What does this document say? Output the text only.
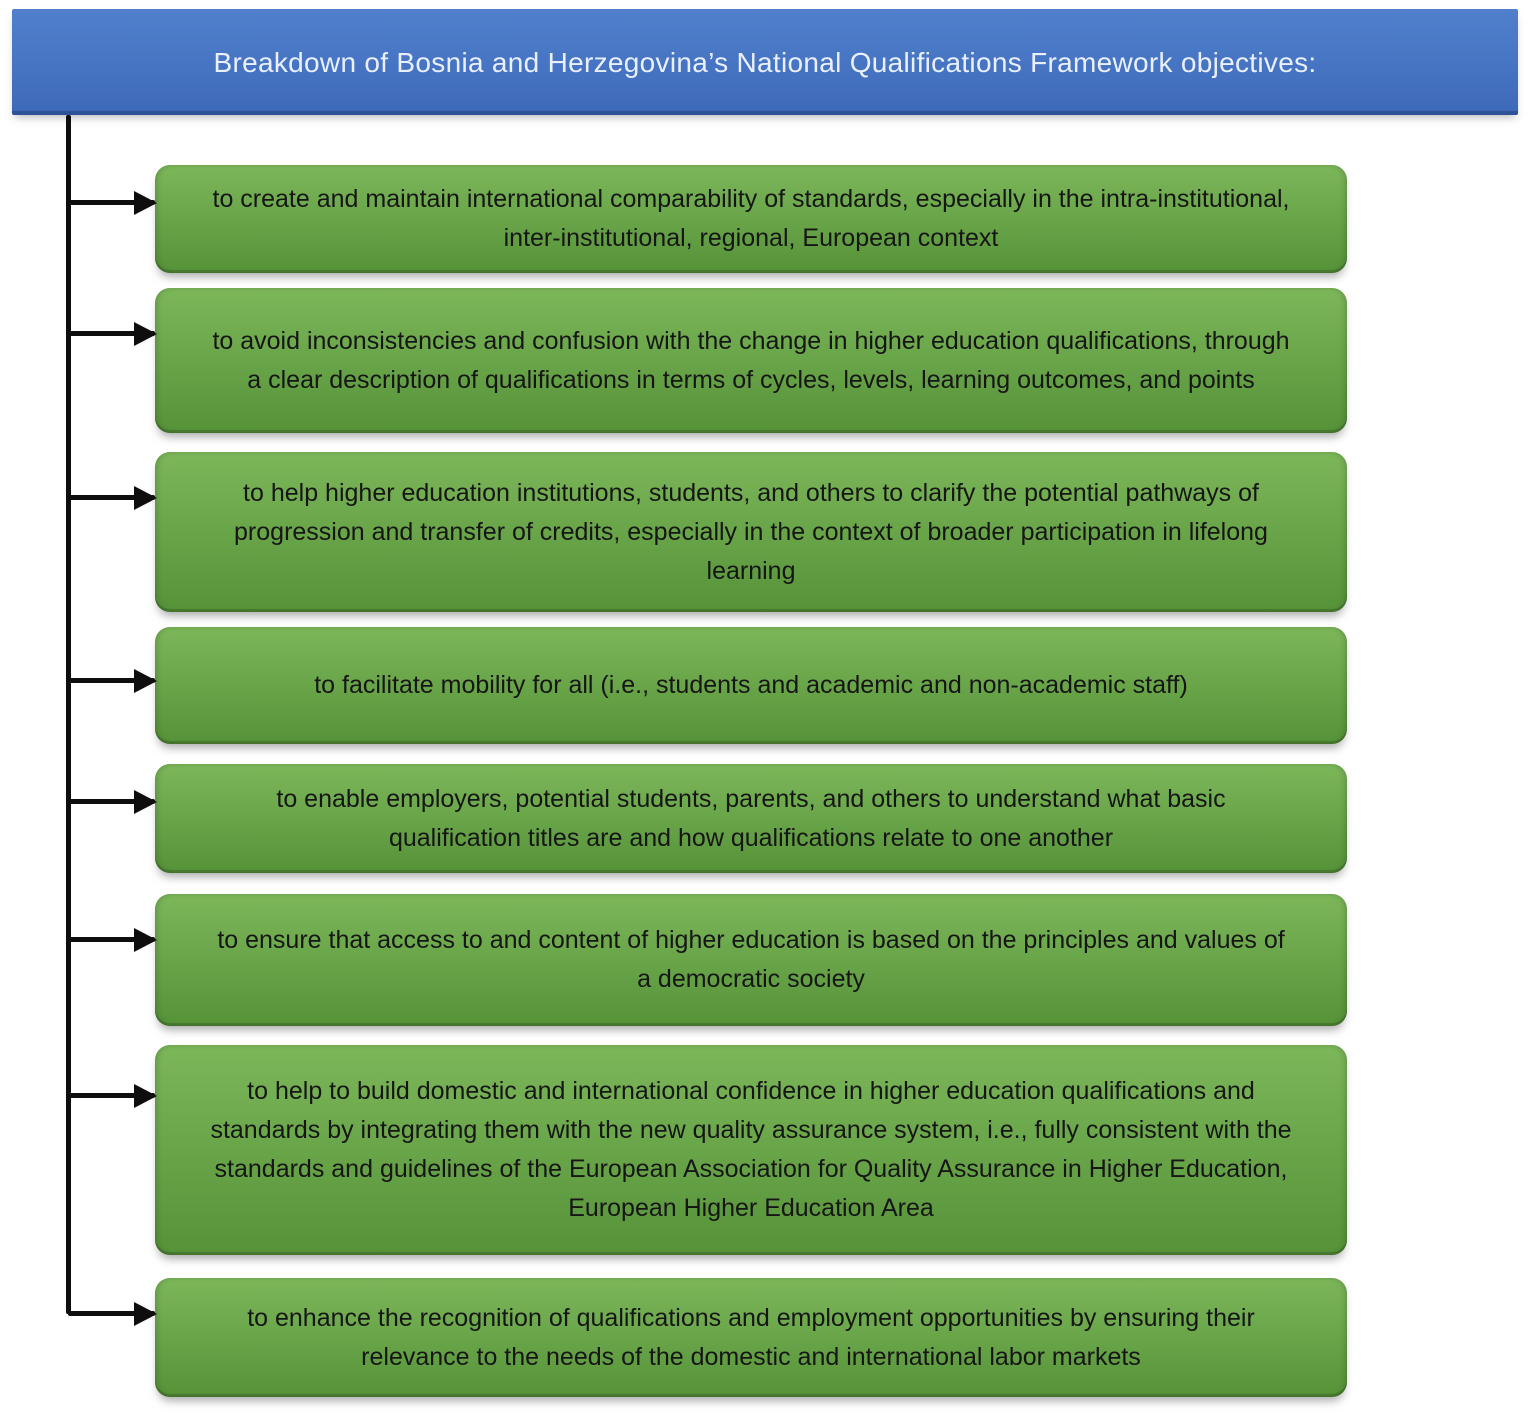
Breakdown of Bosnia and Herzegovina’s National Qualifications Framework objectives:
to create and maintain international comparability of standards, especially in the intra-institutional, inter-institutional, regional, European context
to avoid inconsistencies and confusion with the change in higher education qualifications, through a clear description of qualifications in terms of cycles, levels, learning outcomes, and points
to help higher education institutions, students, and others to clarify the potential pathways of progression and transfer of credits, especially in the context of broader participation in lifelong learning
to facilitate mobility for all (i.e., students and academic and non-academic staff)
to enable employers, potential students, parents, and others to understand what basic qualification titles are and how qualifications relate to one another
to ensure that access to and content of higher education is based on the principles and values of a democratic society
to help to build domestic and international confidence in higher education qualifications and standards by integrating them with the new quality assurance system, i.e., fully consistent with the standards and guidelines of the European Association for Quality Assurance in Higher Education, European Higher Education Area
to enhance the recognition of qualifications and employment opportunities by ensuring their relevance to the needs of the domestic and international labor markets
